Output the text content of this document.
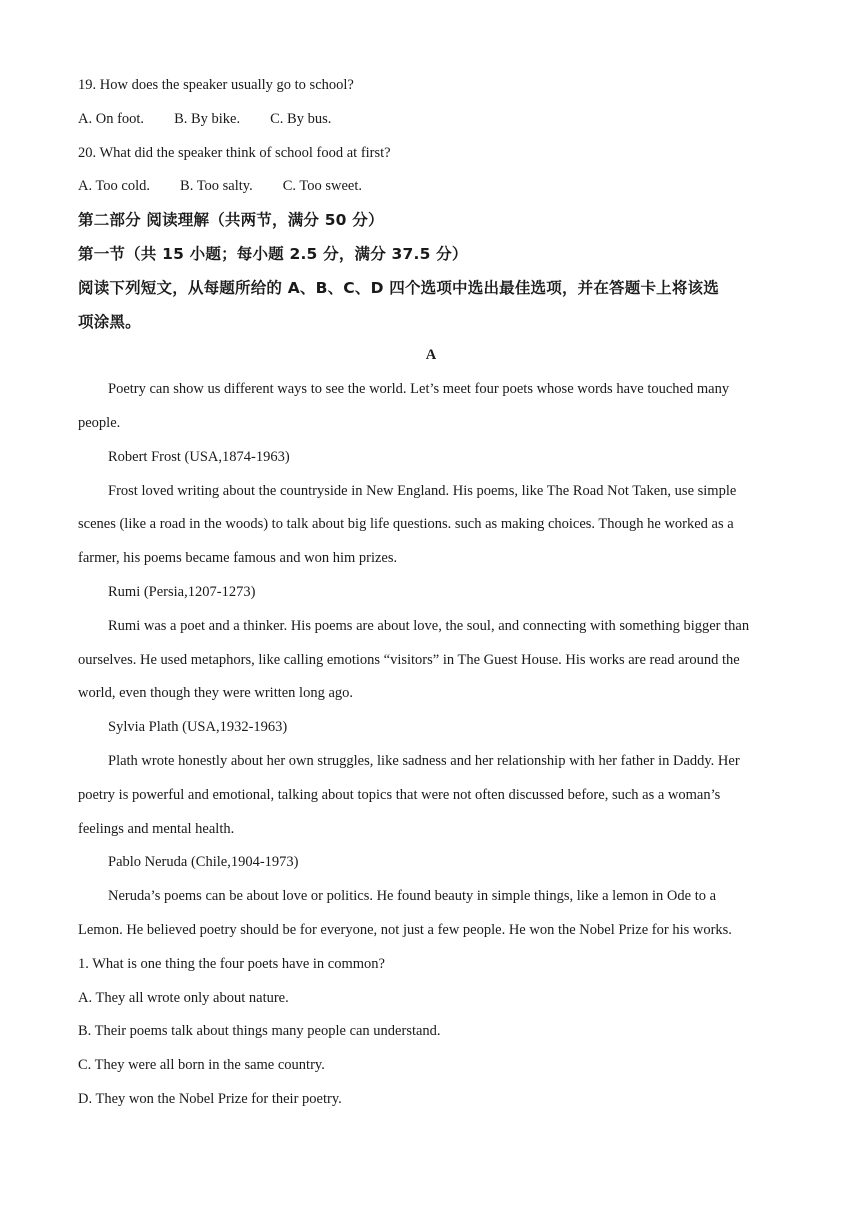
19. How does the speaker usually go to school?
A. On foot. B. By bike. C. By bus.
20. What did the speaker think of school food at first?
A. Too cold. B. Too salty. C. Too sweet.
第二部分 阅读理解（共两节，满分 50 分）
第一节（共 15 小题；每小题 2.5 分，满分 37.5 分）
阅读下列短文，从每题所给的 A、B、C、D 四个选项中选出最佳选项，并在答题卡上将该选
项涂黑。
A
Poetry can show us different ways to see the world. Let’s meet four poets whose words have touched many
people.
Robert Frost (USA,1874-1963)
Frost loved writing about the countryside in New England. His poems, like The Road Not Taken, use simple
scenes (like a road in the woods) to talk about big life questions. such as making choices. Though he worked as a
farmer, his poems became famous and won him prizes.
Rumi (Persia,1207-1273)
Rumi was a poet and a thinker. His poems are about love, the soul, and connecting with something bigger than
ourselves. He used metaphors, like calling emotions “visitors” in The Guest House. His works are read around the
world, even though they were written long ago.
Sylvia Plath (USA,1932-1963)
Plath wrote honestly about her own struggles, like sadness and her relationship with her father in Daddy. Her
poetry is powerful and emotional, talking about topics that were not often discussed before, such as a woman’s
feelings and mental health.
Pablo Neruda (Chile,1904-1973)
Neruda’s poems can be about love or politics. He found beauty in simple things, like a lemon in Ode to a
Lemon. He believed poetry should be for everyone, not just a few people. He won the Nobel Prize for his works.
1. What is one thing the four poets have in common?
A. They all wrote only about nature.
B. Their poems talk about things many people can understand.
C. They were all born in the same country.
D. They won the Nobel Prize for their poetry.
